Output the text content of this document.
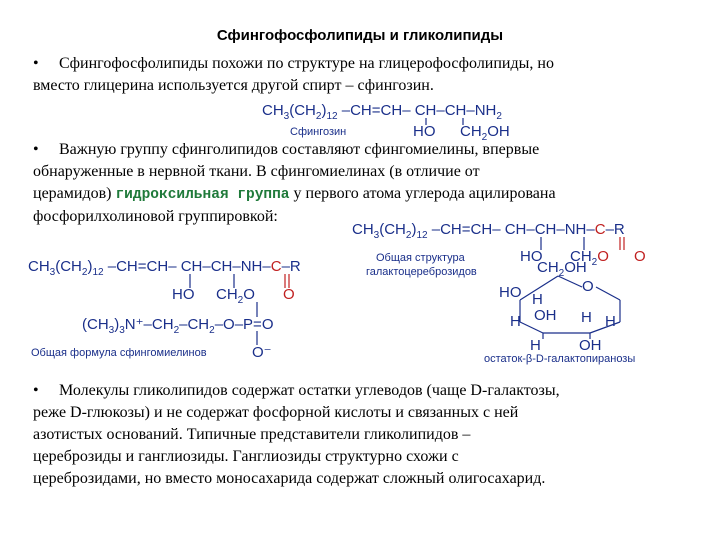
Сфингофосфолипиды и гликолипиды
• Сфингофосфолипиды похожи по структуре на глицерофосфолипиды, но
вместо глицерина используется другой спирт – сфингозин.
$CH_3(CH_2)_{12}$ –CH=CH– $CH-CH-NH_2$
HO $CH_2OH$
Сфингозин
• Важную группу сфинголипидов составляют сфингомиелины, впервые
обнаруженные в нервной ткани. В сфингомиелинах (в отличие от
церамидов) гидроксильная группа у первого атома углерода ацилирована
фосфорилхолиновой группировкой:
$CH_3(CH_2)_{12}$ –CH=CH– CH–CH–NH–C–R
HO $CH_2O$ O
Общая структура
галактоцереброзидов	$CH_2OH$
O
HO H
H OH H H
H	OH
остаток-β-D-галактопиранозы
$CH_3(CH_2)_{12}$ –CH=CH– CH–CH–NH–C–R
HO $CH_2O$ O
$(CH_3)_3N^+-CH_2-CH_2-O-P=O$
O⁻
Общая формула сфингомиелинов
• Молекулы гликолипидов содержат остатки углеводов (чаще D-галактозы,
реже D-глюкозы) и не содержат фосфорной кислоты и связанных с ней
азотистых оснований. Типичные представители гликолипидов –
цереброзиды и ганглиозиды. Ганглиозиды структурно схожи с
цереброзидами, но вместо моносахарида содержат сложный олигосахарид.
